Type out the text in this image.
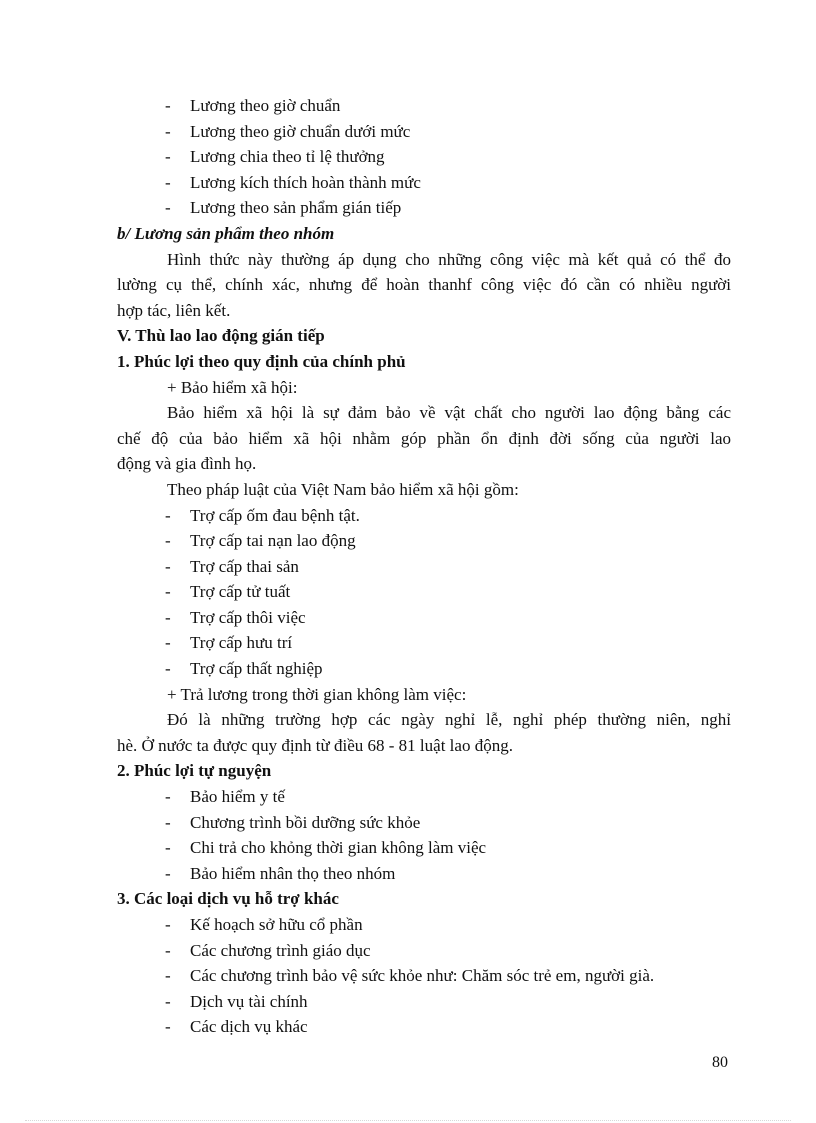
- Lương theo giờ chuẩn
- Lương theo giờ chuẩn dưới mức
- Lương chia theo tỉ lệ thưởng
- Lương kích thích hoàn thành mức
- Lương theo sản phẩm gián tiếp
b/ Lương sản phẩm theo nhóm
Hình thức này thường áp dụng cho những công việc mà kết quả có thể đo
lường cụ thể, chính xác, nhưng để hoàn thanhf công việc đó cần có nhiều người
hợp tác, liên kết.
V. Thù lao lao động gián tiếp
1. Phúc lợi theo quy định của chính phủ
+ Bảo hiểm xã hội:
Bảo hiểm xã hội là sự đảm bảo về vật chất cho người lao động bằng các
chế độ của bảo hiểm xã hội nhằm góp phần ổn định đời sống của người lao
động và gia đình họ.
Theo pháp luật của Việt Nam bảo hiểm xã hội gồm:
- Trợ cấp ốm đau bệnh tật.
- Trợ cấp tai nạn lao động
- Trợ cấp thai sản
- Trợ cấp tử tuất
- Trợ cấp thôi việc
- Trợ cấp hưu trí
- Trợ cấp thất nghiệp
+ Trả lương trong thời gian không làm việc:
Đó là những trường hợp các ngày nghỉ lễ, nghỉ phép thường niên, nghỉ
hè. Ở nước ta được quy định từ điều 68 - 81 luật lao động.
2. Phúc lợi tự nguyện
- Bảo hiểm y tế
- Chương trình bồi dưỡng sức khỏe
- Chi trả cho khỏng thời gian không làm việc
- Bảo hiểm nhân thọ theo nhóm
3. Các loại dịch vụ hỗ trợ khác
- Kế hoạch sở hữu cổ phần
- Các chương trình giáo dục
- Các chương trình bảo vệ sức khỏe như: Chăm sóc trẻ em, người già.
- Dịch vụ tài chính
- Các dịch vụ khác
80
